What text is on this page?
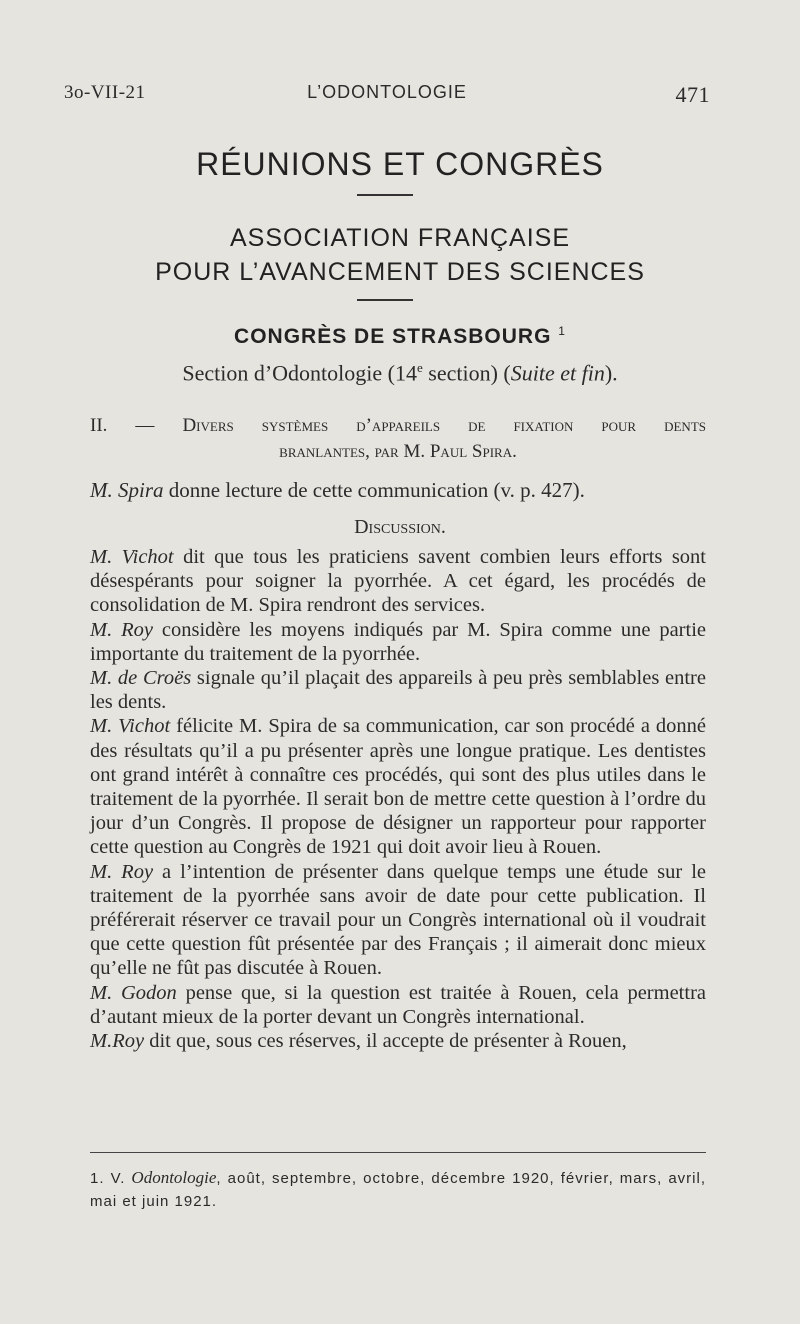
3o-VII-21	L’ODONTOLOGIE	471
RÉUNIONS ET CONGRÈS
ASSOCIATION FRANÇAISE
POUR L’AVANCEMENT DES SCIENCES
CONGRÈS DE STRASBOURG $^1$
Section d’Odontologie (14e section) (Suite et fin).
II. — Divers systèmes d’appareils de fixation pour dents
branlantes, par M. Paul Spira.
M. Spira donne lecture de cette communication (v. p. 427).
Discussion.

M. Vichot dit que tous les praticiens savent combien leurs efforts sont désespérants pour soigner la pyorrhée. A cet égard, les procédés de consolidation de M. Spira rendront des services.

M. Roy considère les moyens indiqués par M. Spira comme une partie importante du traitement de la pyorrhée.

M. de Croës signale qu’il plaçait des appareils à peu près semblables entre les dents.

M. Vichot félicite M. Spira de sa communication, car son procédé a donné des résultats qu’il a pu présenter après une longue pratique. Les dentistes ont grand intérêt à connaître ces procédés, qui sont des plus utiles dans le traitement de la pyorrhée. Il serait bon de mettre cette question à l’ordre du jour d’un Congrès. Il propose de désigner un rapporteur pour rapporter cette question au Congrès de 1921 qui doit avoir lieu à Rouen.

M. Roy a l’intention de présenter dans quelque temps une étude sur le traitement de la pyorrhée sans avoir de date pour cette publication. Il préférerait réserver ce travail pour un Congrès international où il voudrait que cette question fût présentée par des Français ; il aimerait donc mieux qu’elle ne fût pas discutée à Rouen.

M. Godon pense que, si la question est traitée à Rouen, cela permettra d’autant mieux de la porter devant un Congrès international.

M.Roy dit que, sous ces réserves, il accepte de présenter à Rouen,

1. V. Odontologie, août, septembre, octobre, décembre 1920, février, mars, avril, mai et juin 1921.
